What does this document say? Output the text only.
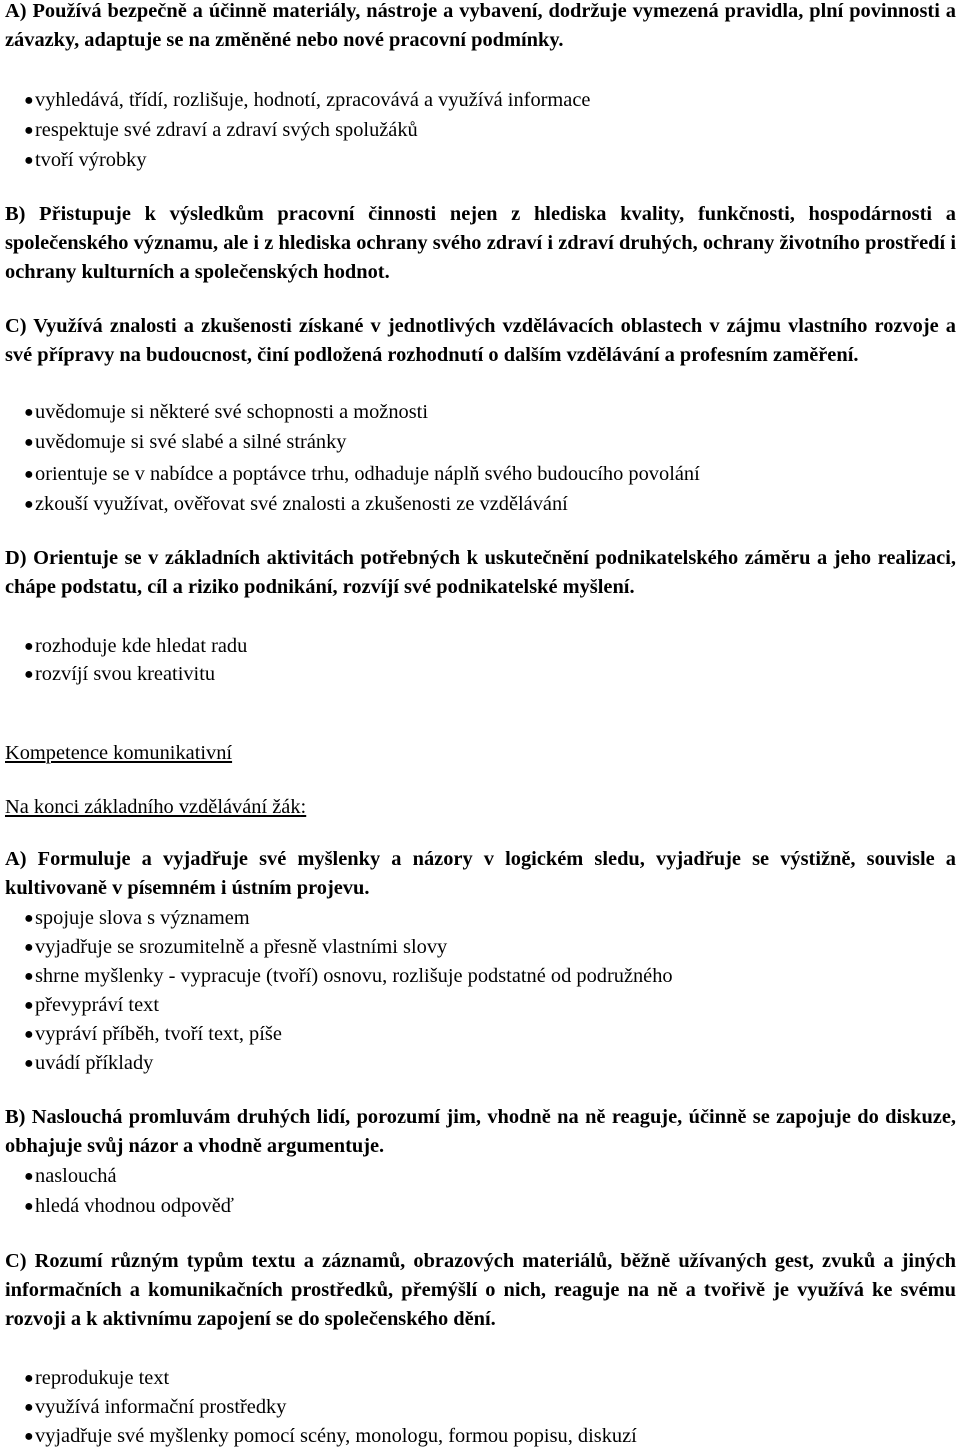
A) Používá bezpečně a účinně materiály, nástroje a vybavení, dodržuje vymezená pravidla, plní povinnosti a závazky, adaptuje se na změněné nebo nové pracovní podmínky.

●vyhledává, třídí, rozlišuje, hodnotí, zpracovává a využívá informace

●respektuje své zdraví a zdraví svých spolužáků

●tvoří výrobky

B) Přistupuje k výsledkům pracovní činnosti nejen z hlediska kvality, funkčnosti, hospodárnosti a společenského významu, ale i z hlediska ochrany svého zdraví i zdraví druhých, ochrany životního prostředí i ochrany kulturních a společenských hodnot.

C) Využívá znalosti a zkušenosti získané v jednotlivých vzdělávacích oblastech v zájmu vlastního rozvoje a své přípravy na budoucnost, činí podložená rozhodnutí o dalším vzdělávání a profesním zaměření.

●uvědomuje si některé své schopnosti a možnosti

●uvědomuje si své slabé a silné stránky

●orientuje se v nabídce a poptávce trhu, odhaduje náplň svého budoucího povolání

●zkouší využívat, ověřovat své znalosti a zkušenosti ze vzdělávání

D) Orientuje se v základních aktivitách potřebných k uskutečnění podnikatelského záměru a jeho realizaci, chápe podstatu, cíl a riziko podnikání, rozvíjí své podnikatelské myšlení.

●rozhoduje kde hledat radu

●rozvíjí svou kreativitu

Kompetence komunikativní

Na konci základního vzdělávání žák:

A) Formuluje a vyjadřuje své myšlenky a názory v logickém sledu, vyjadřuje se výstižně, souvisle a kultivovaně v písemném i ústním projevu.

●spojuje slova s významem

●vyjadřuje se srozumitelně a přesně vlastními slovy

●shrne myšlenky - vypracuje (tvoří) osnovu, rozlišuje podstatné od podružného

●převypráví text

●vypráví příběh, tvoří text, píše

●uvádí příklady

B) Naslouchá promluvám druhých lidí, porozumí jim, vhodně na ně reaguje, účinně se zapojuje do diskuze, obhajuje svůj názor a vhodně argumentuje.

●naslouchá

●hledá vhodnou odpověď

C) Rozumí různým typům textu a záznamů, obrazových materiálů, běžně užívaných gest, zvuků a jiných informačních a komunikačních prostředků, přemýšlí o nich, reaguje na ně a tvořivě je využívá ke svému rozvoji a k aktivnímu zapojení se do společenského dění.

●reprodukuje text

●využívá informační prostředky

●vyjadřuje své myšlenky pomocí scény, monologu, formou popisu, diskuzí
